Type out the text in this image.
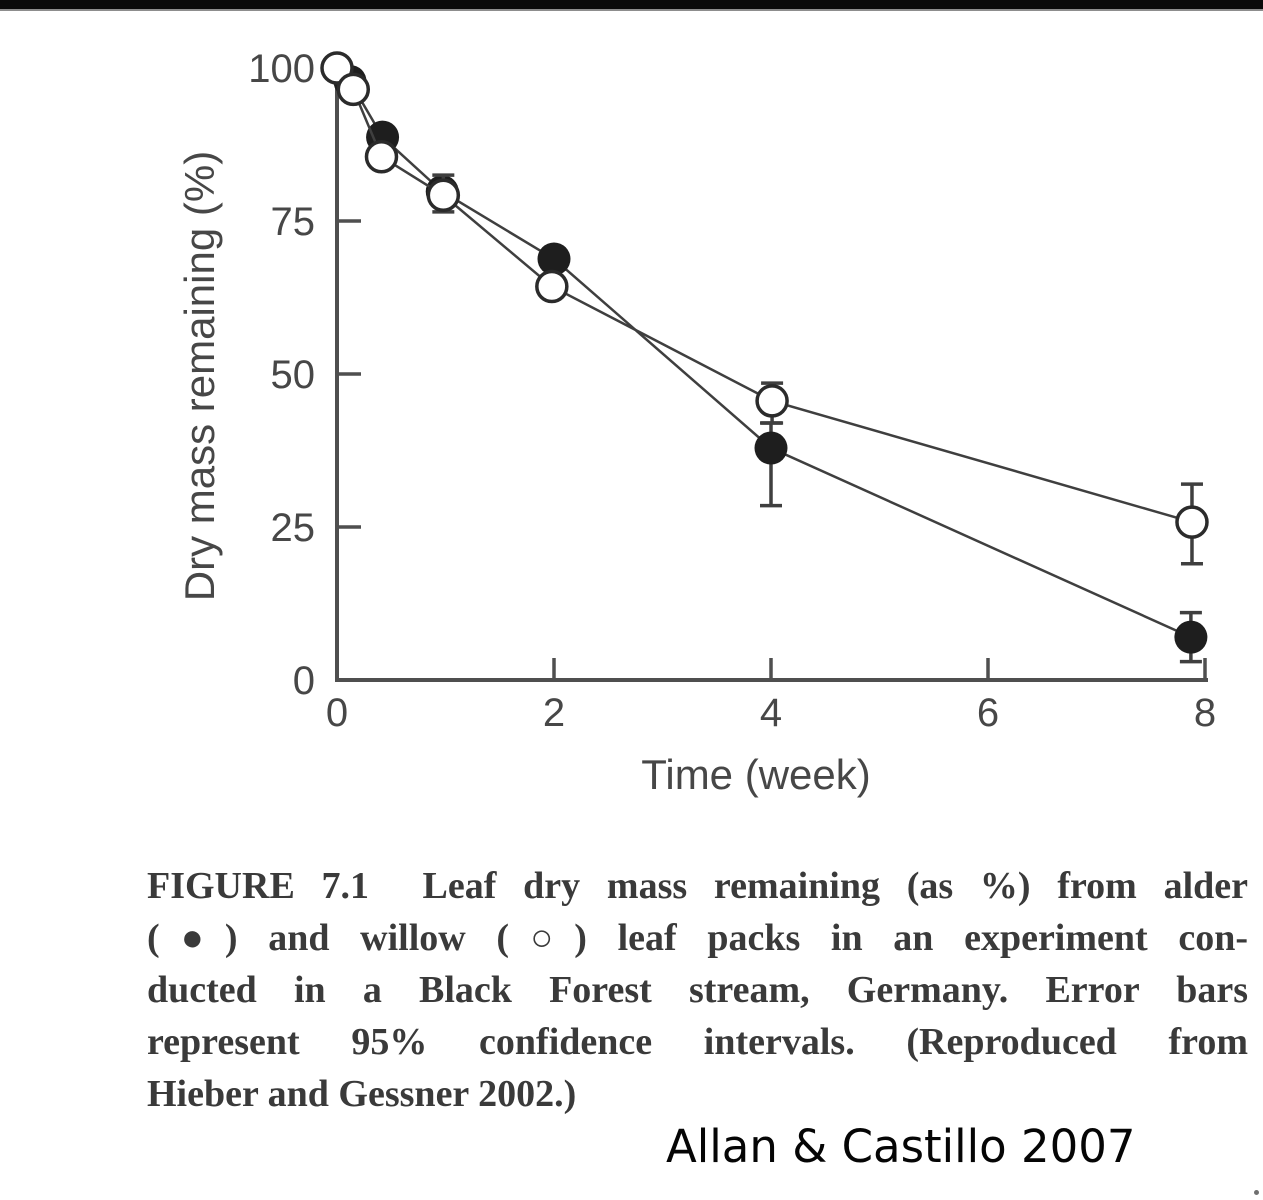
0	2	4	6	8
0
25
50
75
100
Dry mass remaining (%)
Time (week)
FIGURE 7.1  Leaf dry mass remaining (as %) from alder
(●) and willow (○) leaf packs in an experiment con-
ducted in a Black Forest stream, Germany. Error bars
represent 95% confidence intervals. (Reproduced from
Hieber and Gessner 2002.)
Allan & Castillo 2007
